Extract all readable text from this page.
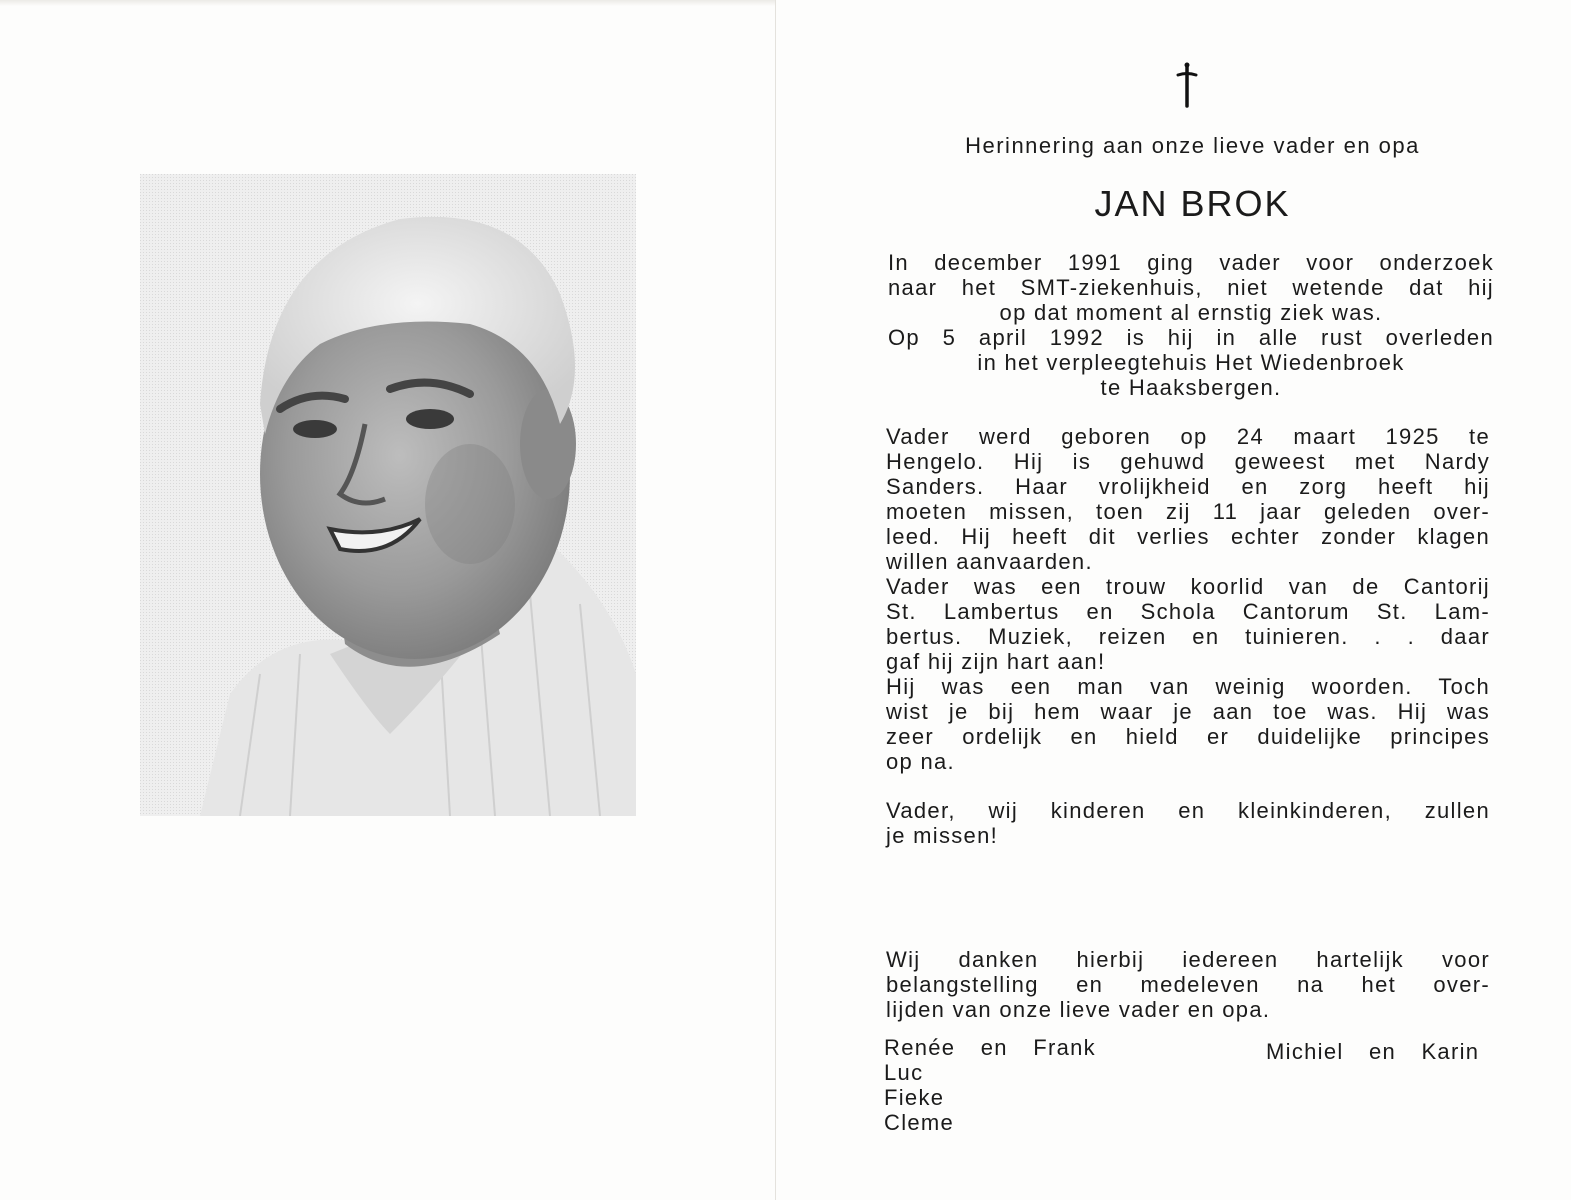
Herinnering aan onze lieve vader en opa
JAN BROK
In december 1991 ging vader voor onderzoek
naar het SMT-ziekenhuis, niet wetende dat hij
op dat moment al ernstig ziek was.
Op 5 april 1992 is hij in alle rust overleden
in het verpleegtehuis Het Wiedenbroek
te Haaksbergen.
Vader werd geboren op 24 maart 1925 te
Hengelo. Hij is gehuwd geweest met Nardy
Sanders. Haar vrolijkheid en zorg heeft hij
moeten missen, toen zij 11 jaar geleden over-
leed. Hij heeft dit verlies echter zonder klagen
willen aanvaarden.
Vader was een trouw koorlid van de Cantorij
St. Lambertus en Schola Cantorum St. Lam-
bertus. Muziek, reizen en tuinieren. . . daar
gaf hij zijn hart aan!
Hij was een man van weinig woorden. Toch
wist je bij hem waar je aan toe was. Hij was
zeer ordelijk en hield er duidelijke principes
op na.
Vader, wij kinderen en kleinkinderen, zullen
je missen!
Wij danken hierbij iedereen hartelijk voor
belangstelling en medeleven na het over-
lijden van onze lieve vader en opa.
Renée en Frank
Luc
Fieke
Cleme
Michiel en Karin
